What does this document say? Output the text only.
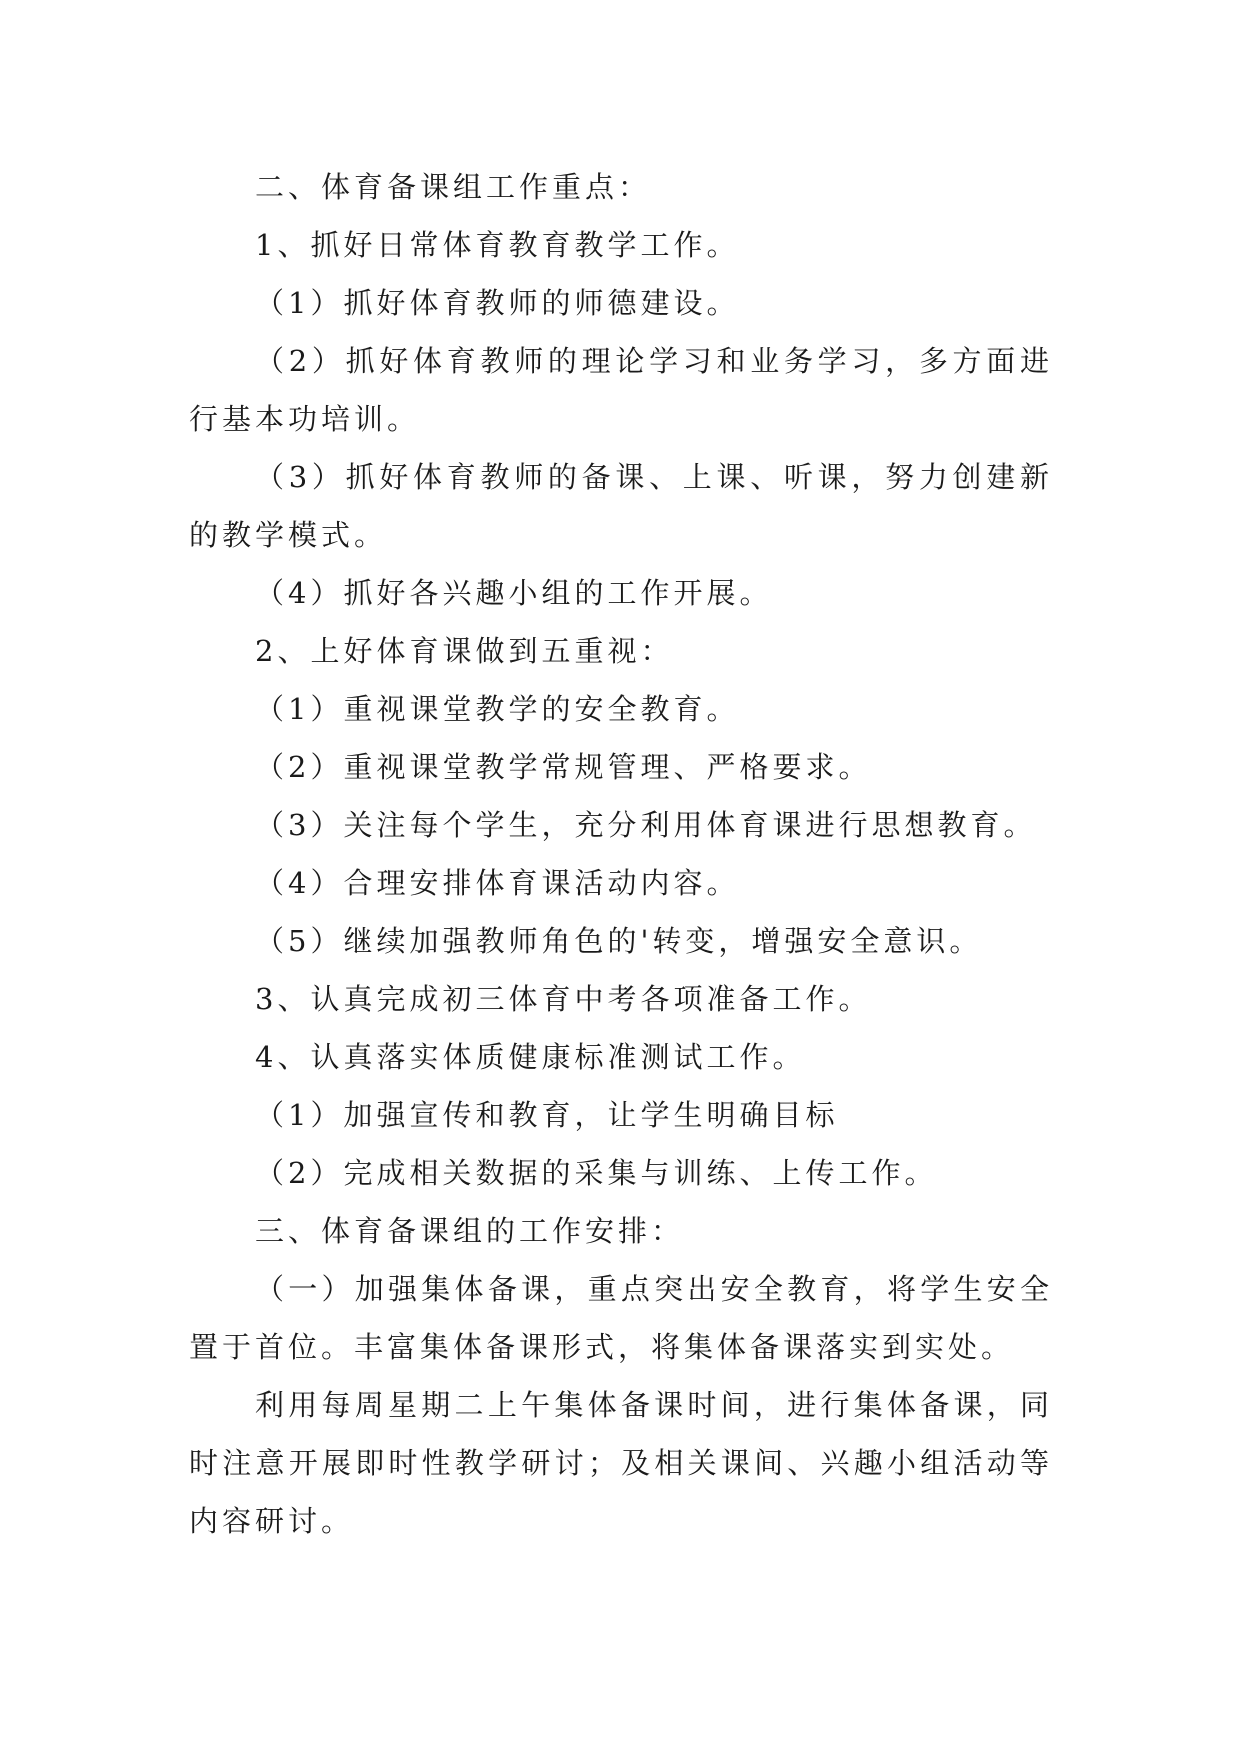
二、体育备课组工作重点：

1、抓好日常体育教育教学工作。

（1）抓好体育教师的师德建设。

（2）抓好体育教师的理论学习和业务学习，多方面进行基本功培训。

（3）抓好体育教师的备课、上课、听课，努力创建新的教学模式。

（4）抓好各兴趣小组的工作开展。

2、上好体育课做到五重视：

（1）重视课堂教学的安全教育。

（2）重视课堂教学常规管理、严格要求。

（3）关注每个学生，充分利用体育课进行思想教育。

（4）合理安排体育课活动内容。

（5）继续加强教师角色的'转变，增强安全意识。

3、认真完成初三体育中考各项准备工作。

4、认真落实体质健康标准测试工作。

（1）加强宣传和教育，让学生明确目标

（2）完成相关数据的采集与训练、上传工作。

三、体育备课组的工作安排：

（一）加强集体备课，重点突出安全教育，将学生安全置于首位。丰富集体备课形式，将集体备课落实到实处。

利用每周星期二上午集体备课时间，进行集体备课，同时注意开展即时性教学研讨；及相关课间、兴趣小组活动等内容研讨。
